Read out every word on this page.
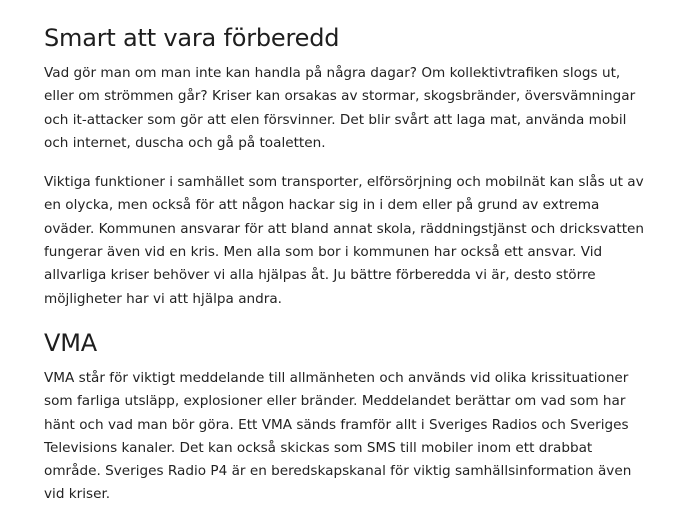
Smart att vara förberedd

Vad gör man om man inte kan handla på några dagar? Om kollektivtrafiken slogs ut, eller om strömmen går? Kriser kan orsakas av stormar, skogsbränder, översvämningar och it-attacker som gör att elen försvinner. Det blir svårt att laga mat, använda mobil och internet, duscha och gå på toaletten.

Viktiga funktioner i samhället som transporter, elförsörjning och mobilnät kan slås ut av en olycka, men också för att någon hackar sig in i dem eller på grund av extrema oväder. Kommunen ansvarar för att bland annat skola, räddningstjänst och dricksvatten fungerar även vid en kris. Men alla som bor i kommunen har också ett ansvar. Vid allvarliga kriser behöver vi alla hjälpas åt. Ju bättre förberedda vi är, desto större möjligheter har vi att hjälpa andra.

VMA

VMA står för viktigt meddelande till allmänheten och används vid olika krissituationer som farliga utsläpp, explosioner eller bränder. Meddelandet berättar om vad som har hänt och vad man bör göra. Ett VMA sänds framför allt i Sveriges Radios och Sveriges Televisions kanaler. Det kan också skickas som SMS till mobiler inom ett drabbat område. Sveriges Radio P4 är en beredskapskanal för viktig samhällsinformation även vid kriser.
